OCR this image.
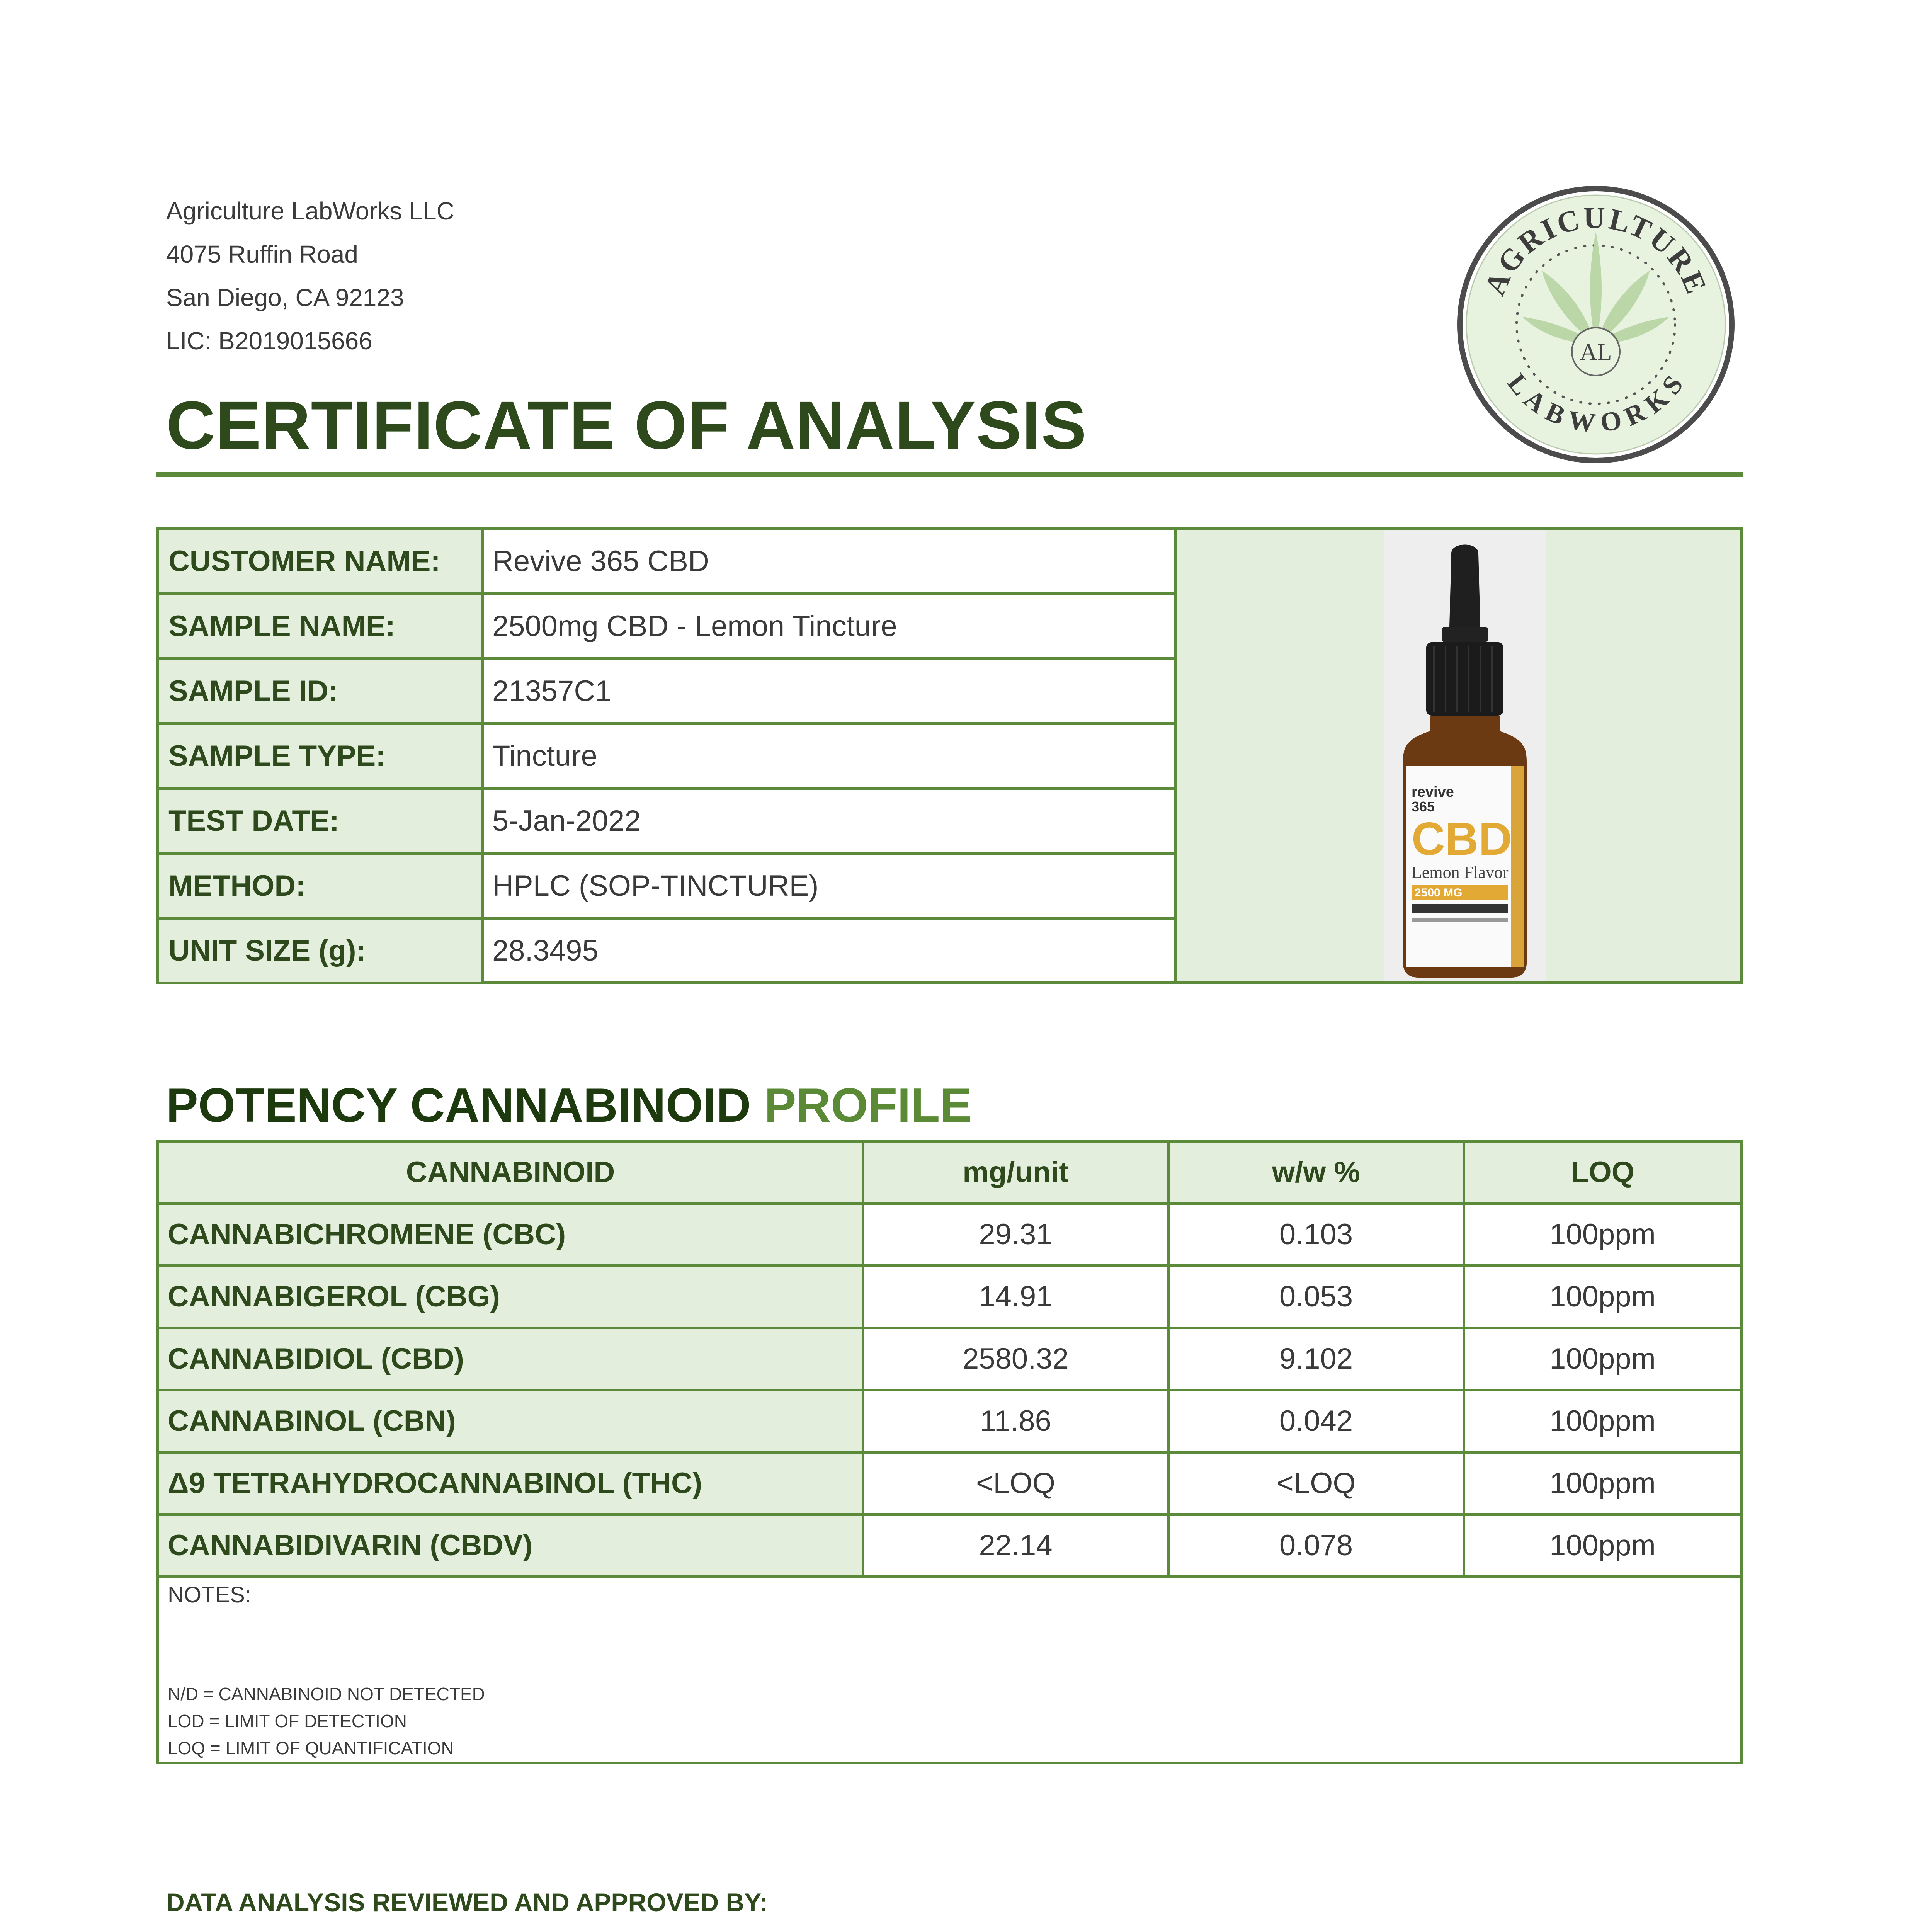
Agriculture LabWorks LLC
4075 Ruffin Road
San Diego, CA 92123
LIC: B2019015666
CERTIFICATE OF ANALYSIS
AL
AGRICULTURE
LABWORKS
CUSTOMER NAME:	Revive 365 CBD
SAMPLE NAME:	2500mg CBD - Lemon Tincture
SAMPLE ID:	21357C1
SAMPLE TYPE:	Tincture
TEST DATE:	5-Jan-2022
METHOD:	HPLC (SOP-TINCTURE)
UNIT SIZE (g):	28.3495
revive
365
CBD
Lemon Flavor
2500 MG
POTENCY CANNABINOID PROFILE
CANNABINOID	mg/unit	w/w %	LOQ
CANNABICHROMENE (CBC)	29.31	0.103	100ppm
CANNABIGEROL (CBG)	14.91	0.053	100ppm
CANNABIDIOL (CBD)	2580.32	9.102	100ppm
CANNABINOL (CBN)	11.86	0.042	100ppm
Δ9 TETRAHYDROCANNABINOL (THC)	<LOQ	<LOQ	100ppm
CANNABIDIVARIN (CBDV)	22.14	0.078	100ppm
NOTES:
N/D = CANNABINOID NOT DETECTED
LOD = LIMIT OF DETECTION
LOQ = LIMIT OF QUANTIFICATION
DATA ANALYSIS REVIEWED AND APPROVED BY:
